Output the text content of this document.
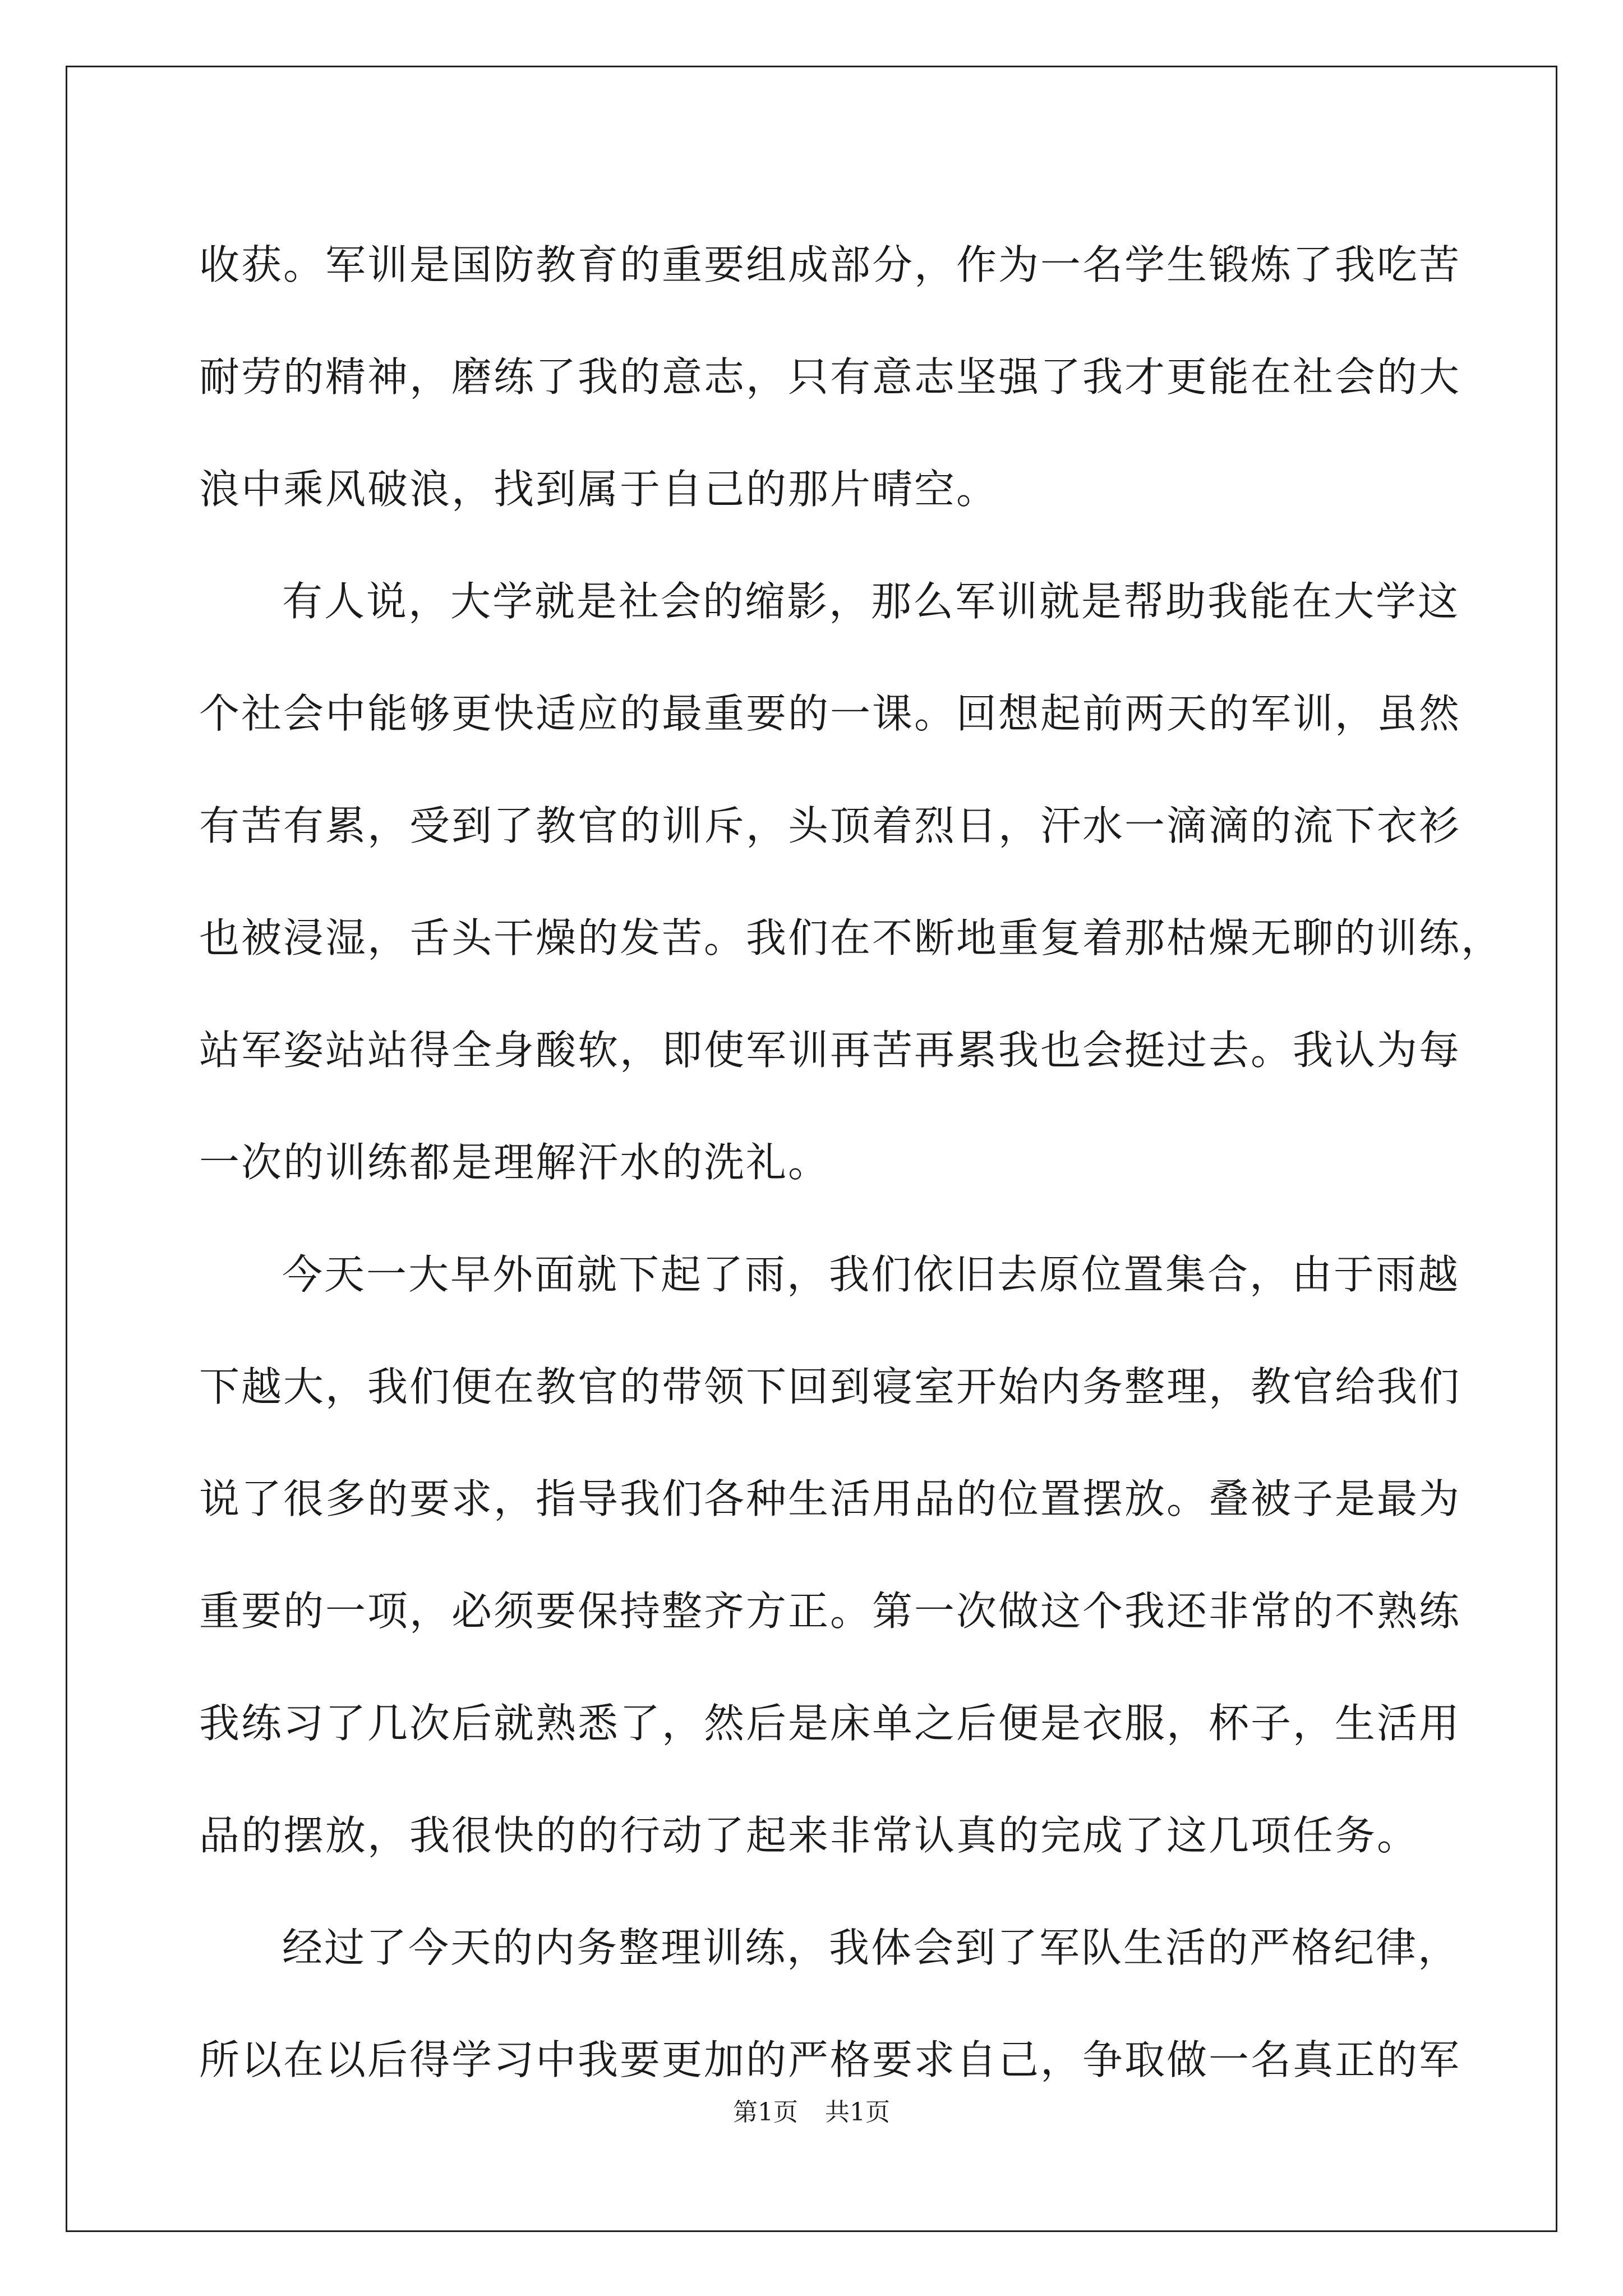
收获。军训是国防教育的重要组成部分，作为一名学生锻炼了我吃苦
耐劳的精神，磨练了我的意志，只有意志坚强了我才更能在社会的大
浪中乘风破浪，找到属于自己的那片晴空。
有人说，大学就是社会的缩影，那么军训就是帮助我能在大学这
个社会中能够更快适应的最重要的一课。回想起前两天的军训，虽然
有苦有累，受到了教官的训斥，头顶着烈日，汗水一滴滴的流下衣衫
也被浸湿，舌头干燥的发苦。我们在不断地重复着那枯燥无聊的训练，
站军姿站站得全身酸软，即使军训再苦再累我也会挺过去。我认为每
一次的训练都是理解汗水的洗礼。
今天一大早外面就下起了雨，我们依旧去原位置集合，由于雨越
下越大，我们便在教官的带领下回到寝室开始内务整理，教官给我们
说了很多的要求，指导我们各种生活用品的位置摆放。叠被子是最为
重要的一项，必须要保持整齐方正。第一次做这个我还非常的不熟练
我练习了几次后就熟悉了，然后是床单之后便是衣服，杯子，生活用
品的摆放，我很快的的行动了起来非常认真的完成了这几项任务。
经过了今天的内务整理训练，我体会到了军队生活的严格纪律，
所以在以后得学习中我要更加的严格要求自己，争取做一名真正的军
第1页 共1页
